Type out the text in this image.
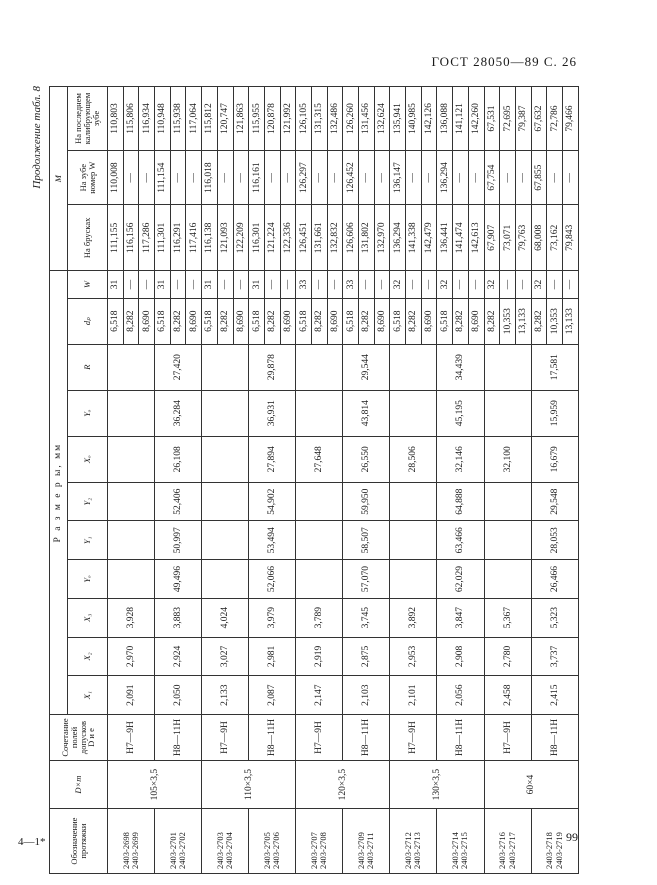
ГОСТ 28050—89 С. 26
Продолжение табл. 8
Обозначение протяжки	D×m	Сочетание полей допусков D и e	Р а з м е р ы, мм											M		
			X₁	X₂	X₃	Yₒ	Y₁	Y₂	Xₒ	Yₒ	R	dₚ	W	На брусках	На зубе номер W	На последнем калибрующем зубе
2403-2698 2403-2699	105×3,5	H7—9H	2,091	2,970	3,928							6,518	31	111,155	110,008	110,803
												8,282	—	116,156	—	115,806
												8,690	—	117,286	—	116,934
2403-2701 2403-2702		H8—11H	2,050	2,924	3,883	49,496	50,997	52,406	26,108	36,284	27,420	6,518	31	111,301	111,154	110,948
												8,282	—	116,291	—	115,938
												8,690	—	117,416	—	117,064
2403-2703 2403-2704	110×3,5	H7—9H	2,133	3,027	4,024							6,518	31	116,138	116,018	115,812
												8,282	—	121,093	—	120,747
												8,690	—	122,209	—	121,863
2403-2705 2403-2706		H8—11H	2,087	2,981	3,979	52,066	53,494	54,902	27,894	36,931	29,878	6,518	31	116,301	116,161	115,955
												8,282	—	121,224	—	120,878
												8,690	—	122,336	—	121,992
2403-2707 2403-2708	120×3,5	H7—9H	2,147	2,919	3,789				27,648			6,518	33	126,451	126,297	126,105
												8,282	—	131,661	—	131,315
												8,690	—	132,832	—	132,486
2403-2709 2403-2711		H8—11H	2,103	2,875	3,745	57,070	58,507	59,950	26,550	43,814	29,544	6,518	33	126,606	126,452	126,260
												8,282	—	131,802	—	131,456
												8,690	—	132,970	—	132,624
2403-2712 2403-2713	130×3,5	H7—9H	2,101	2,953	3,892				28,506			6,518	32	136,294	136,147	135,941
												8,282	—	141,338	—	140,985
												8,690	—	142,479	—	142,126
2403-2714 2403-2715		H8—11H	2,056	2,908	3,847	62,029	63,466	64,888	32,146	45,195	34,439	6,518	32	136,441	136,294	136,088
												8,282	—	141,474	—	141,121
												8,690	—	142,613	—	142,260
2403-2716 2403-2717	60×4	H7—9H	2,458	2,780	5,367				32,100			8,282	32	67,907	67,754	67,531
												10,353	—	73,071	—	72,695
												13,133	—	79,763	—	79,387
2403-2718 2403-2719		H8—11H	2,415	3,737	5,323	26,466	28,053	29,548	16,679	15,959	17,581	8,282	32	68,008	67,855	67,632
												10,353	—	73,162	—	72,786
												13,133	—	79,843	—	79,466
4—1*	99
